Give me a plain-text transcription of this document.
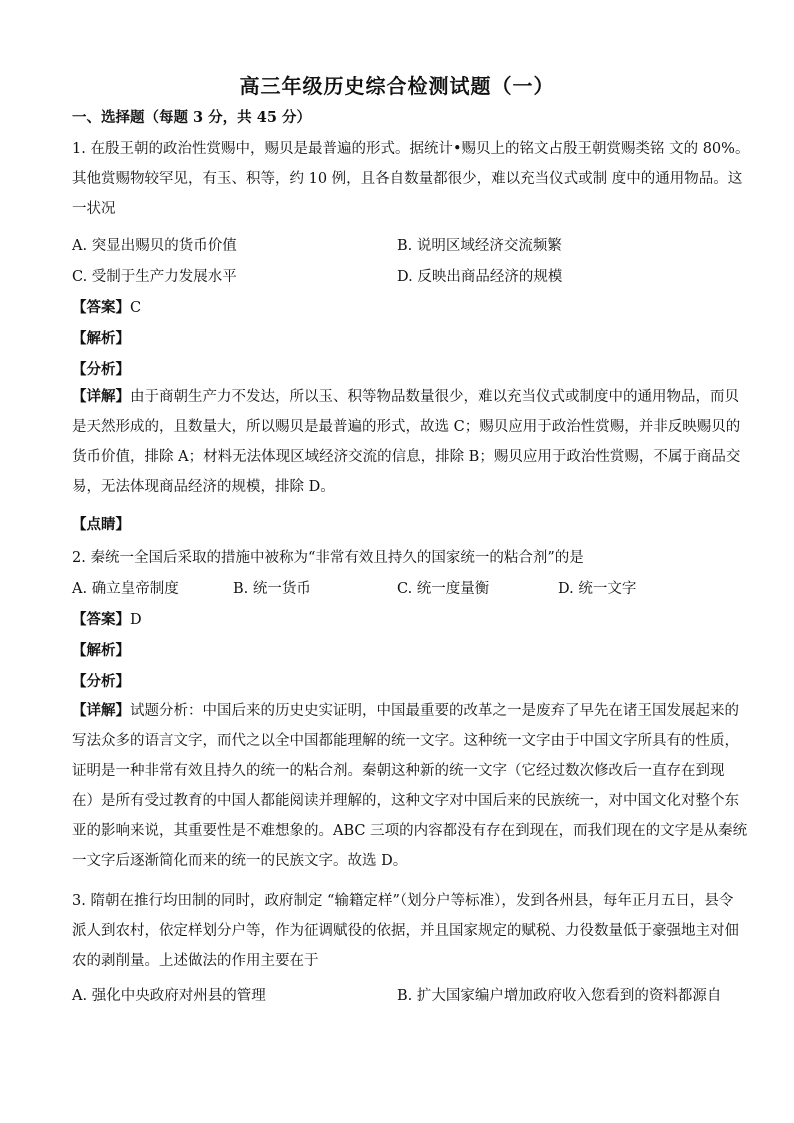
高三年级历史综合检测试题（一）
一、选择题（每题 3 分，共 45 分）
1. 在殷王朝的政治性赏赐中，赐贝是最普遍的形式。据统计•赐贝上的铭文占殷王朝赏赐类铭 文的 80%。
其他赏赐物较罕见，有玉、积等，约 10 例，且各自数量都很少，难以充当仪式或制 度中的通用物品。这
一状况
A. 突显出赐贝的货币价值	B. 说明区域经济交流频繁
C. 受制于生产力发展水平	D. 反映出商品经济的规模
【答案】C
【解析】
【分析】
【详解】由于商朝生产力不发达，所以玉、积等物品数量很少，难以充当仪式或制度中的通用物品，而贝
是天然形成的，且数量大，所以赐贝是最普遍的形式，故选 C；赐贝应用于政治性赏赐，并非反映赐贝的
货币价值，排除 A；材料无法体现区域经济交流的信息，排除 B；赐贝应用于政治性赏赐，不属于商品交
易，无法体现商品经济的规模，排除 D。
【点睛】
2. 秦统一全国后采取的措施中被称为“非常有效且持久的国家统一的粘合剂”的是
A. 确立皇帝制度	B. 统一货币	C. 统一度量衡	D. 统一文字
【答案】D
【解析】
【分析】
【详解】试题分析：中国后来的历史史实证明，中国最重要的改革之一是废弃了早先在诸王国发展起来的
写法众多的语言文字，而代之以全中国都能理解的统一文字。这种统一文字由于中国文字所具有的性质，
证明是一种非常有效且持久的统一的粘合剂。秦朝这种新的统一文字（它经过数次修改后一直存在到现
在）是所有受过教育的中国人都能阅读并理解的，这种文字对中国后来的民族统一，对中国文化对整个东
亚的影响来说，其重要性是不难想象的。ABC 三项的内容都没有存在到现在，而我们现在的文字是从秦统
一文字后逐渐简化而来的统一的民族文字。故选 D。
3. 隋朝在推行均田制的同时，政府制定 “输籍定样”（划分户等标准），发到各州县，每年正月五日，县令
派人到农村，依定样划分户等，作为征调赋役的依据，并且国家规定的赋税、力役数量低于豪强地主对佃
农的剥削量。上述做法的作用主要在于
A. 强化中央政府对州县的管理	B. 扩大国家编户增加政府收入您看到的资料都源自
